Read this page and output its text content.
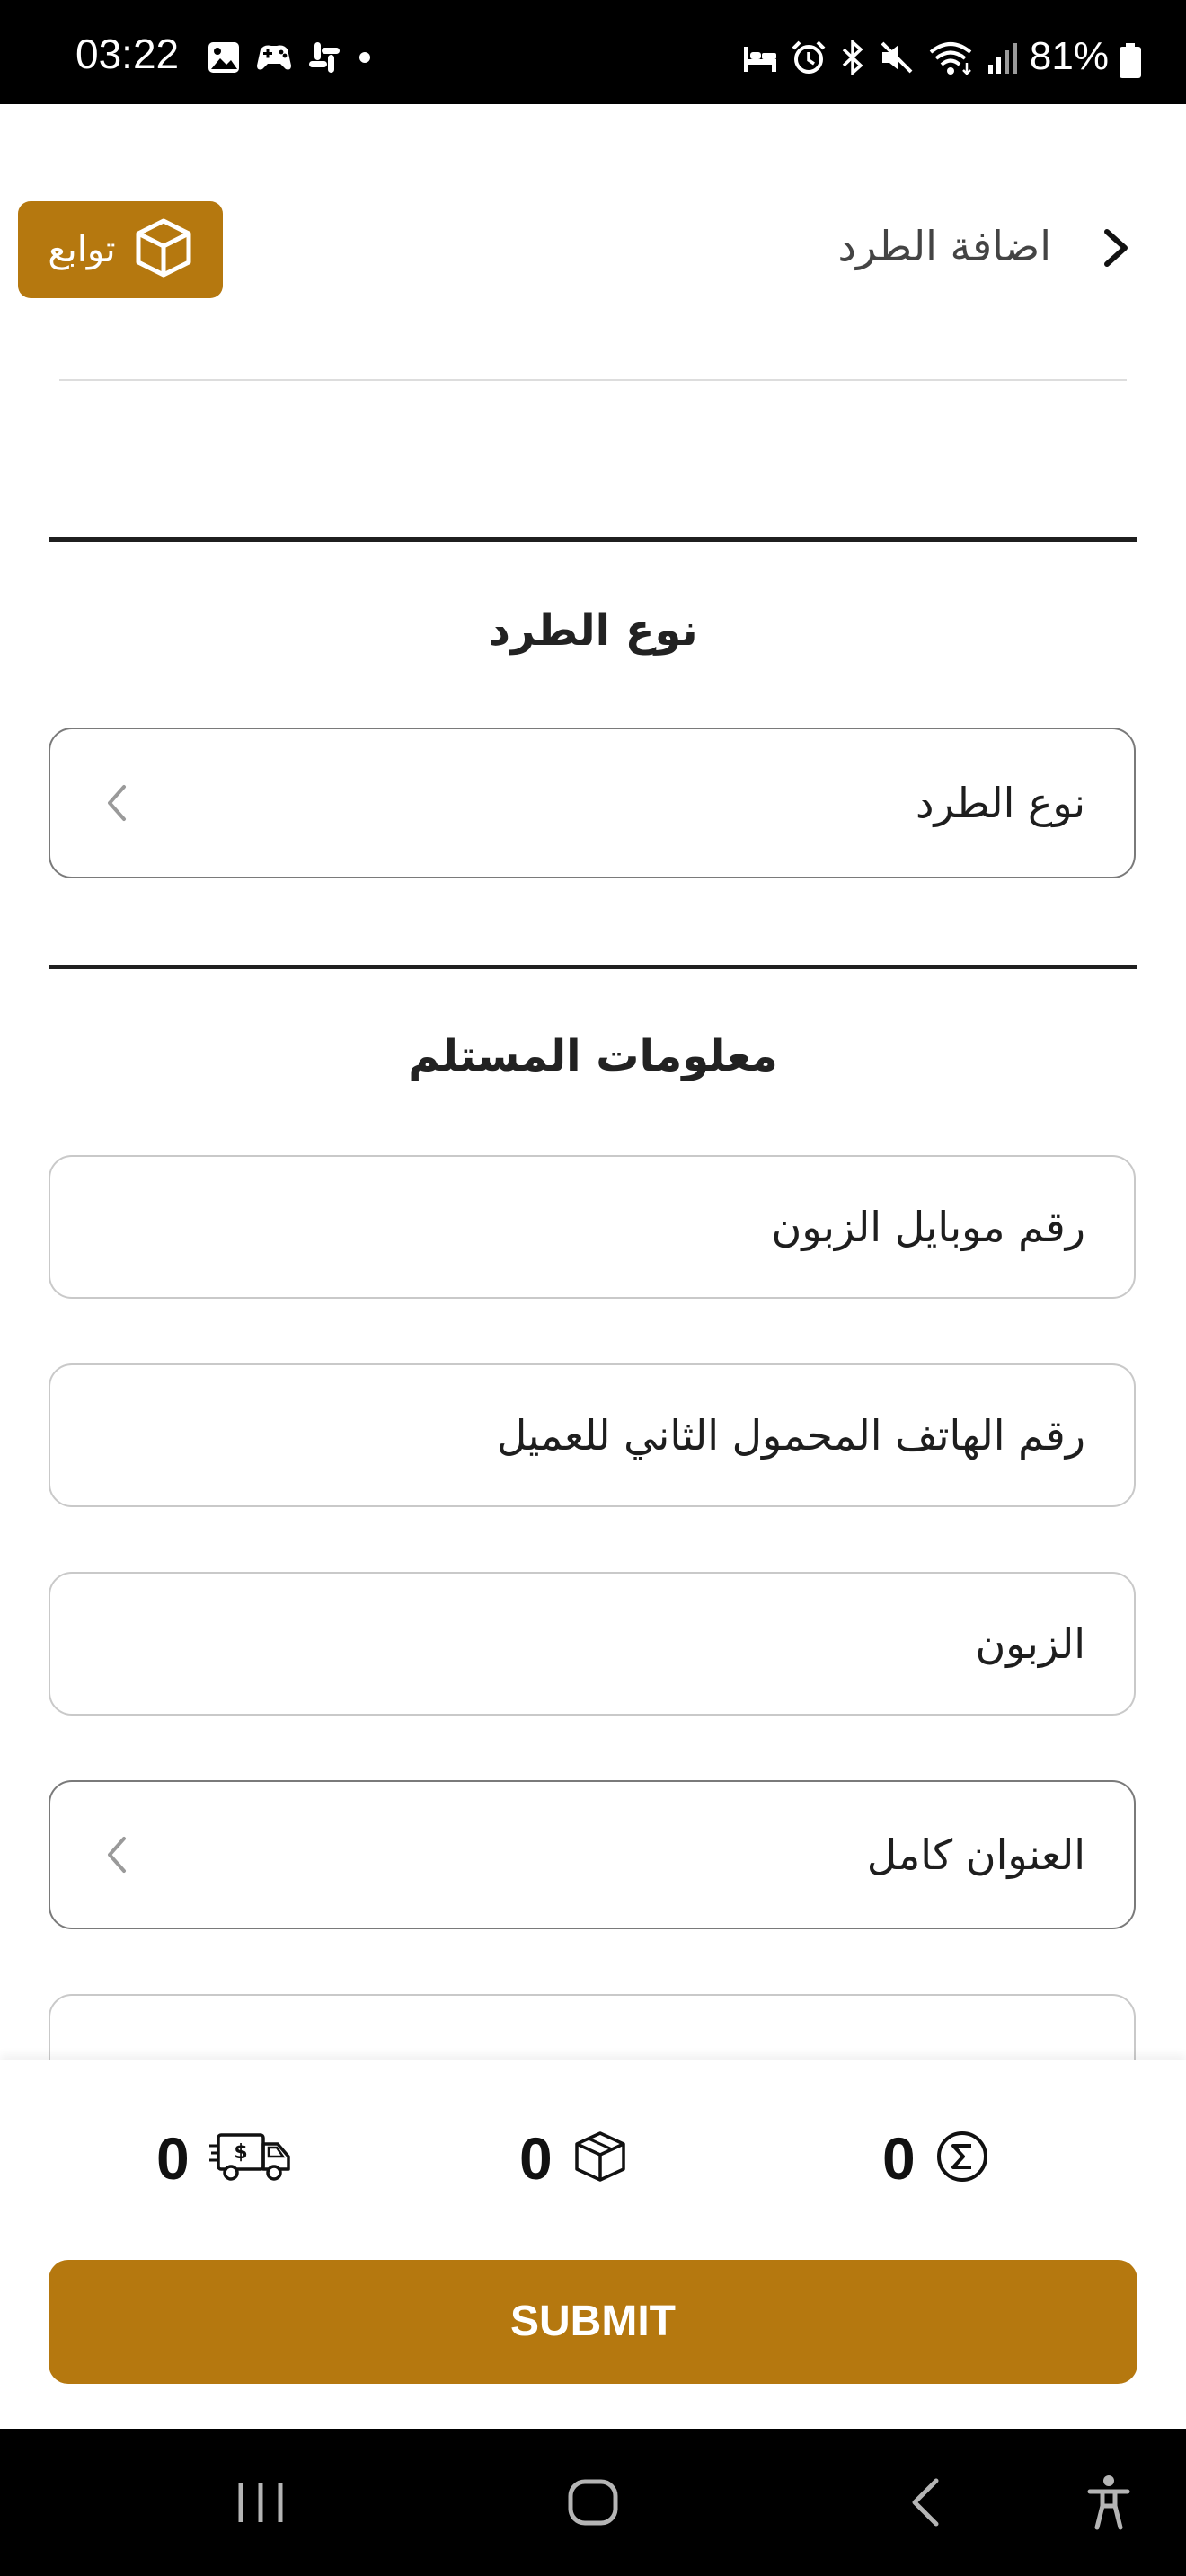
03:22	81%
اضافة الطرد
توابع
نوع الطرد
نوع الطرد
معلومات المستلم
رقم موبايل الزبون
رقم الهاتف المحمول الثاني للعميل
الزبون
العنوان كامل
0 $	0	0
SUBMIT
